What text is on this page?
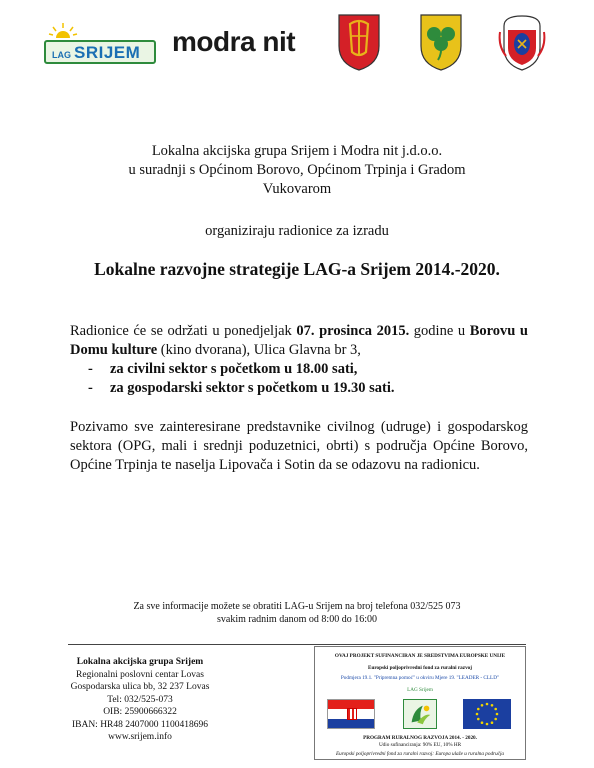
LAG SRIJEM modra nit
Lokalna akcijska grupa Srijem i Modra nit j.d.o.o.
u suradnji s Općinom Borovo, Općinom Trpinja i Gradom
Vukovarom
organiziraju radionice za izradu
Lokalne razvojne strategije LAG-a Srijem 2014.-2020.
Radionice će se održati u ponedjeljak 07. prosinca 2015. godine u Borovu u Domu kulture (kino dvorana), Ulica Glavna br 3,
- za civilni sektor s početkom u 18.00 sati,
- za gospodarski sektor s početkom u 19.30 sati.
Pozivamo sve zainteresirane predstavnike civilnog (udruge) i gospodarskog sektora (OPG, mali i srednji poduzetnici, obrti) s područja Općine Borovo, Općine Trpinja te naselja Lipovača i Sotin da se odazovu na radionicu.
Za sve informacije možete se obratiti LAG-u Srijem na broj telefona 032/525 073
svakim radnim danom od 8:00 do 16:00
Lokalna akcijska grupa Srijem
Regionalni poslovni centar Lovas
Gospodarska ulica bb, 32 237 Lovas
Tel: 032/525-073
OIB: 25900666322
IBAN: HR48 2407000 1100418696
www.srijem.info
OVAJ PROJEKT SUFINANCIRAN JE SREDSTVIMA EUROPSKE UNIJE
Europski poljoprivredni fond za ruralni razvoj
Podmjera 19.1. "Pripremna pomoć" u okviru Mjere 19. "LEADER - CLLD"
LAG Srijem
PROGRAM RURALNOG RAZVOJA 2014. - 2020.
Udio sufinanciranja: 90% EU, 10% HR
Europski poljoprivredni fond za ruralni razvoj: Europa ulaže u ruralna područja
